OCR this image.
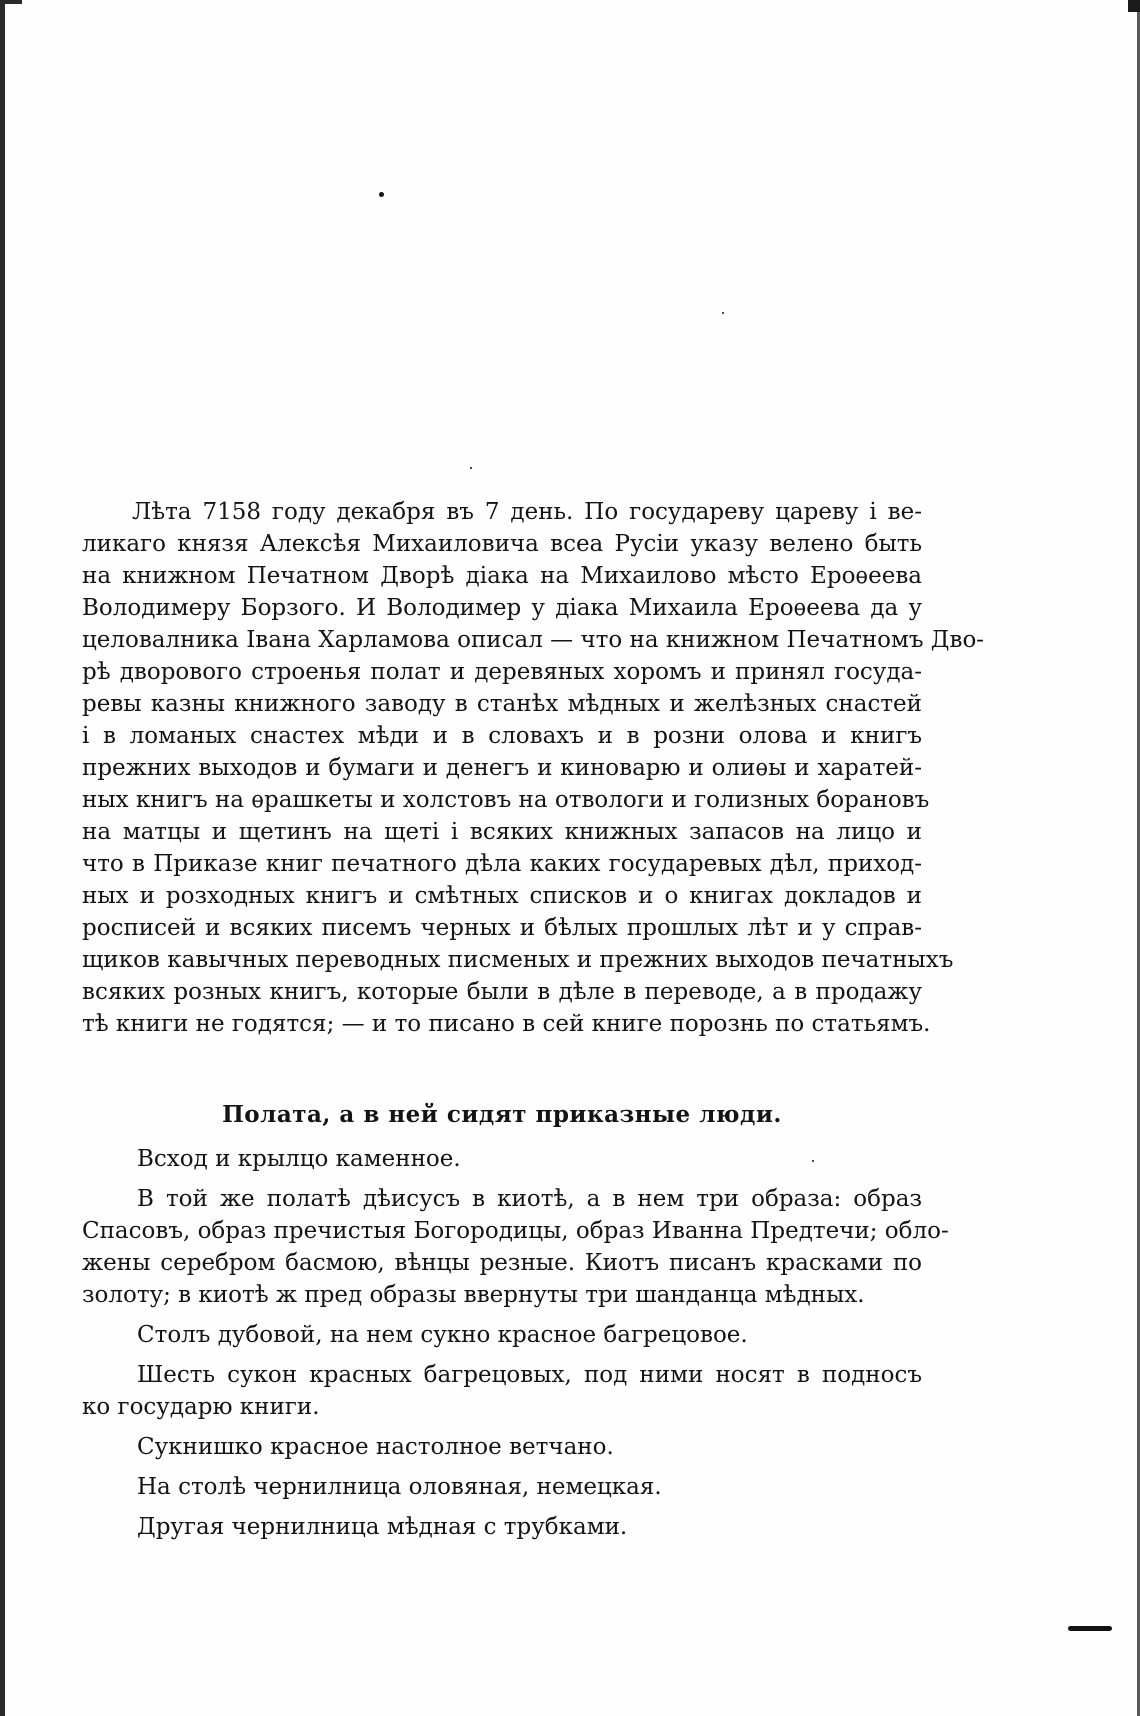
Лѣта 7158 году декабря въ 7 день. По государеву цареву і ве-
ликаго князя Алексѣя Михаиловича всеа Русіи указу велено быть
на книжном Печатном Дворѣ діака на Михаилово мѣсто Ероѳеева
Володимеру Борзого. И Володимер у діака Михаила Ероѳеева да у
целовалника Івана Харламова описал — что на книжном Печатномъ Дво-
рѣ дворового строенья полат и деревяных хоромъ и принял госуда-
ревы казны книжного заводу в станѣх мѣдных и желѣзных снастей
і в ломаных снастех мѣди и в словахъ и в розни олова и книгъ
прежних выходов и бумаги и денегъ и киноварю и олиѳы и харатей-
ных книгъ на ѳрашкеты и холстовъ на отвологи и голизных борановъ
на матцы и щетинъ на щеті і всяких книжных запасов на лицо и
что в Приказе книг печатного дѣла каких государевых дѣл, приход-
ных и розходных книгъ и смѣтных списков и о книгах докладов и
росписей и всяких писемъ черных и бѣлых прошлых лѣт и у справ-
щиков кавычных переводных писменых и прежних выходов печатныхъ
всяких розных книгъ, которые были в дѣле в переводе, а в продажу
тѣ книги не годятся; — и то писано в сей книге порознь по статьямъ.
Полата, а в ней сидят приказные люди.
Всход и крылцо каменное.
В той же полатѣ дѣисусъ в киотѣ, а в нем три образа: образ
Спасовъ, образ пречистыя Богородицы, образ Иванна Предтечи; обло-
жены серебром басмою, вѣнцы резные. Киотъ писанъ красками по
золоту; в киотѣ ж пред образы ввернуты три шанданца мѣдных.
Столъ дубовой, на нем сукно красное багрецовое.
Шесть сукон красных багрецовых, под ними носят в подносъ
ко государю книги.
Сукнишко красное настолное ветчано.
На столѣ чернилница оловяная, немецкая.
Другая чернилница мѣдная с трубками.
